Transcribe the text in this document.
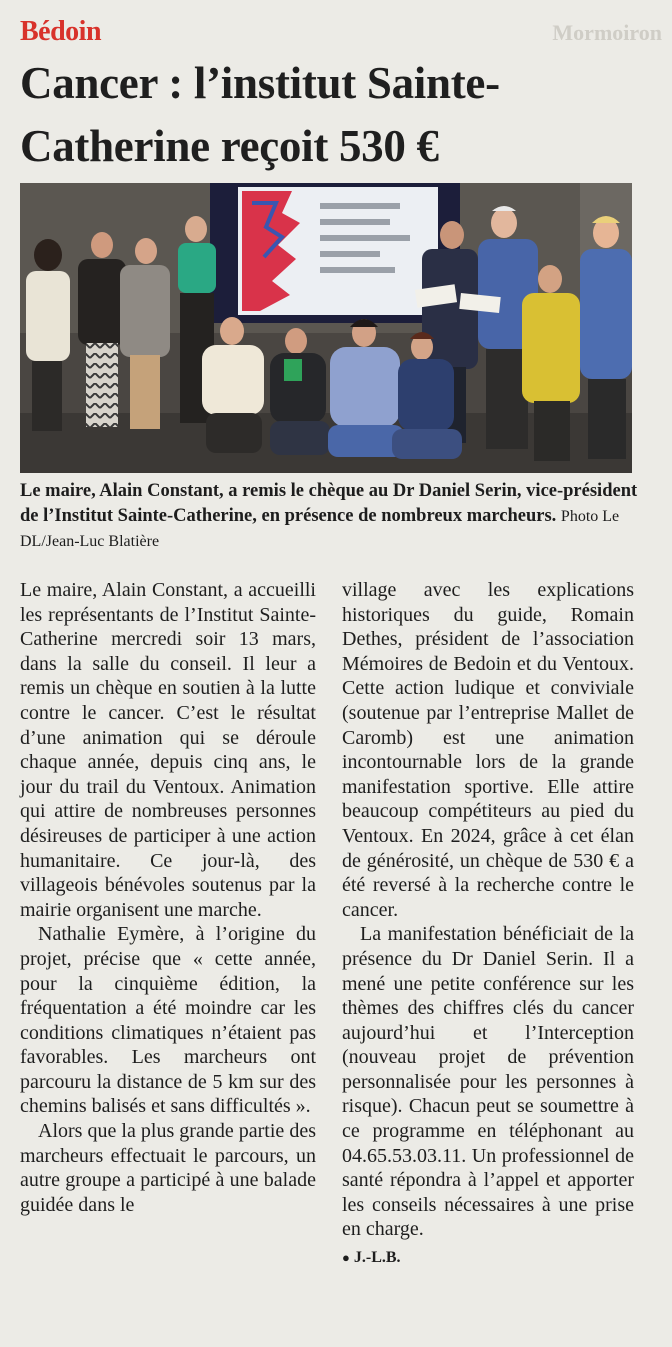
Mormoiron
Bédoin
Cancer : l’institut Sainte-Catherine reçoit 530 €
Le maire, Alain Constant, a remis le chèque au Dr Daniel Serin, vice-président de l’Institut Sainte-Catherine, en présence de nombreux marcheurs. Photo Le DL/Jean-Luc Blatière

Le maire, Alain Constant, a accueilli les représentants de l’Institut Sainte-Catherine mercredi soir 13 mars, dans la salle du conseil. Il leur a remis un chèque en soutien à la lutte contre le cancer. C’est le résultat d’une animation qui se déroule chaque année, depuis cinq ans, le jour du trail du Ventoux. Animation qui attire de nombreuses personnes désireuses de participer à une action humanitaire. Ce jour-là, des villageois bénévoles soutenus par la mairie organisent une marche.

Nathalie Eymère, à l’origine du projet, précise que « cette année, pour la cinquième édition, la fréquentation a été moindre car les conditions climatiques n’étaient pas favorables. Les marcheurs ont parcouru la distance de 5 km sur des chemins balisés et sans difficultés ».

Alors que la plus grande partie des marcheurs effectuait le parcours, un autre groupe a participé à une balade guidée dans le

village avec les explications historiques du guide, Romain Dethes, président de l’association Mémoires de Bedoin et du Ventoux. Cette action ludique et conviviale (soutenue par l’entreprise Mallet de Caromb) est une animation incontournable lors de la grande manifestation sportive. Elle attire beaucoup compétiteurs au pied du Ventoux. En 2024, grâce à cet élan de générosité, un chèque de 530 € a été reversé à la recherche contre le cancer.

La manifestation bénéficiait de la présence du Dr Daniel Serin. Il a mené une petite conférence sur les thèmes des chiffres clés du cancer aujourd’hui et l’Interception (nouveau projet de prévention personnalisée pour les personnes à risque). Chacun peut se soumettre à ce programme en téléphonant au 04.65.53.03.11. Un professionnel de santé répondra à l’appel et apporter les conseils nécessaires à une prise en charge.

● J.-L.B.
